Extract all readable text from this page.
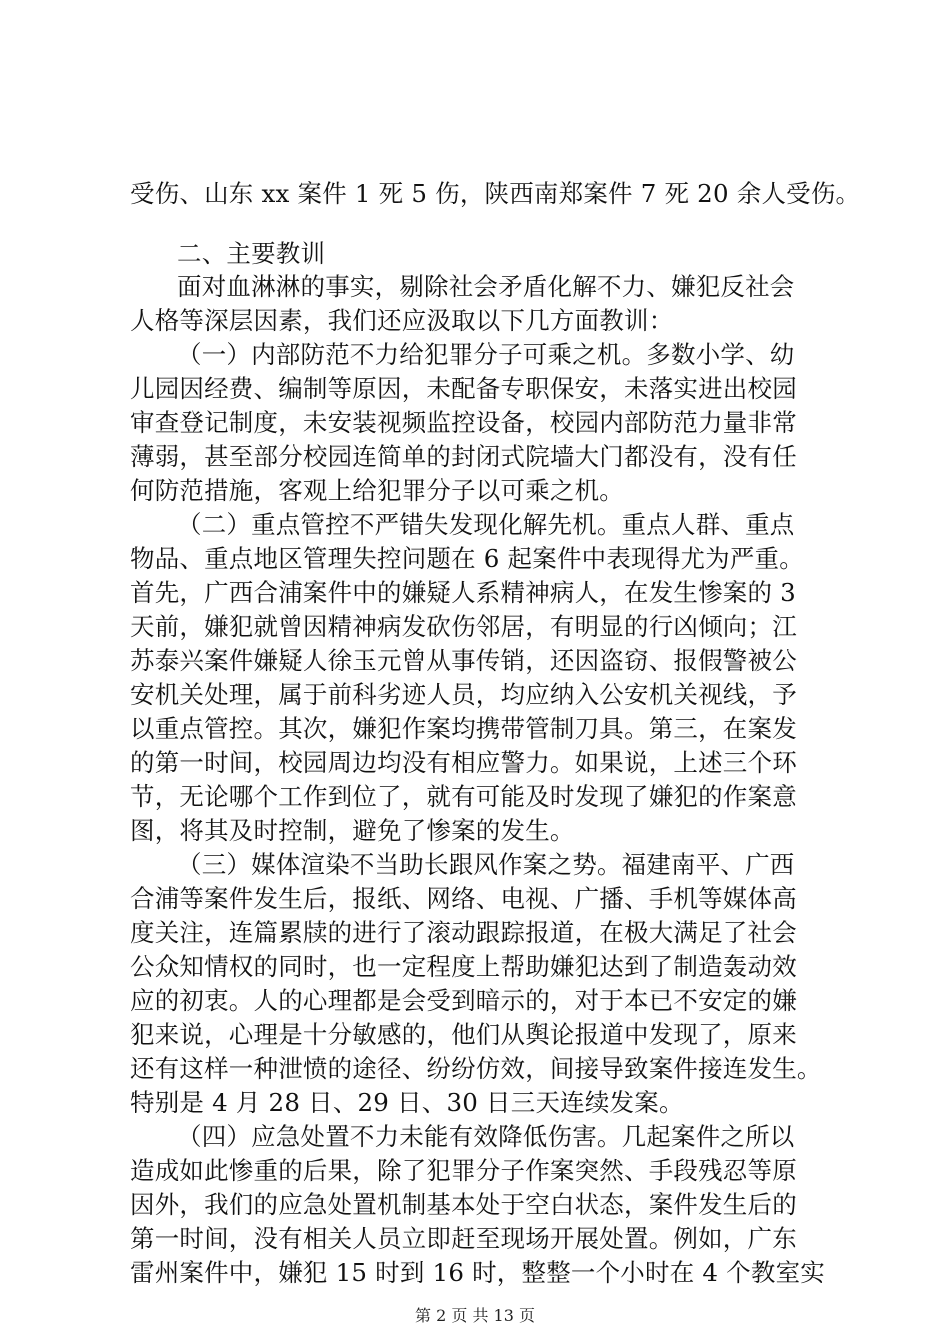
受伤、山东 xx 案件 1 死 5 伤，陕西南郑案件 7 死 20 余人受伤。
二、主要教训
面对血淋淋的事实，剔除社会矛盾化解不力、嫌犯反社会
人格等深层因素，我们还应汲取以下几方面教训：
（一）内部防范不力给犯罪分子可乘之机。多数小学、幼
儿园因经费、编制等原因，未配备专职保安，未落实进出校园
审查登记制度，未安装视频监控设备，校园内部防范力量非常
薄弱，甚至部分校园连简单的封闭式院墙大门都没有，没有任
何防范措施，客观上给犯罪分子以可乘之机。
（二）重点管控不严错失发现化解先机。重点人群、重点
物品、重点地区管理失控问题在 6 起案件中表现得尤为严重。
首先，广西合浦案件中的嫌疑人系精神病人，在发生惨案的 3
天前，嫌犯就曾因精神病发砍伤邻居，有明显的行凶倾向；江
苏泰兴案件嫌疑人徐玉元曾从事传销，还因盗窃、报假警被公
安机关处理，属于前科劣迹人员，均应纳入公安机关视线，予
以重点管控。其次，嫌犯作案均携带管制刀具。第三，在案发
的第一时间，校园周边均没有相应警力。如果说，上述三个环
节，无论哪个工作到位了，就有可能及时发现了嫌犯的作案意
图，将其及时控制，避免了惨案的发生。
（三）媒体渲染不当助长跟风作案之势。福建南平、广西
合浦等案件发生后，报纸、网络、电视、广播、手机等媒体高
度关注，连篇累牍的进行了滚动跟踪报道，在极大满足了社会
公众知情权的同时，也一定程度上帮助嫌犯达到了制造轰动效
应的初衷。人的心理都是会受到暗示的，对于本已不安定的嫌
犯来说，心理是十分敏感的，他们从舆论报道中发现了，原来
还有这样一种泄愤的途径、纷纷仿效，间接导致案件接连发生。
特别是 4 月 28 日、29 日、30 日三天连续发案。
（四）应急处置不力未能有效降低伤害。几起案件之所以
造成如此惨重的后果，除了犯罪分子作案突然、手段残忍等原
因外，我们的应急处置机制基本处于空白状态，案件发生后的
第一时间，没有相关人员立即赶至现场开展处置。例如，广东
雷州案件中，嫌犯 15 时到 16 时，整整一个小时在 4 个教室实
第 2 页 共 13 页
